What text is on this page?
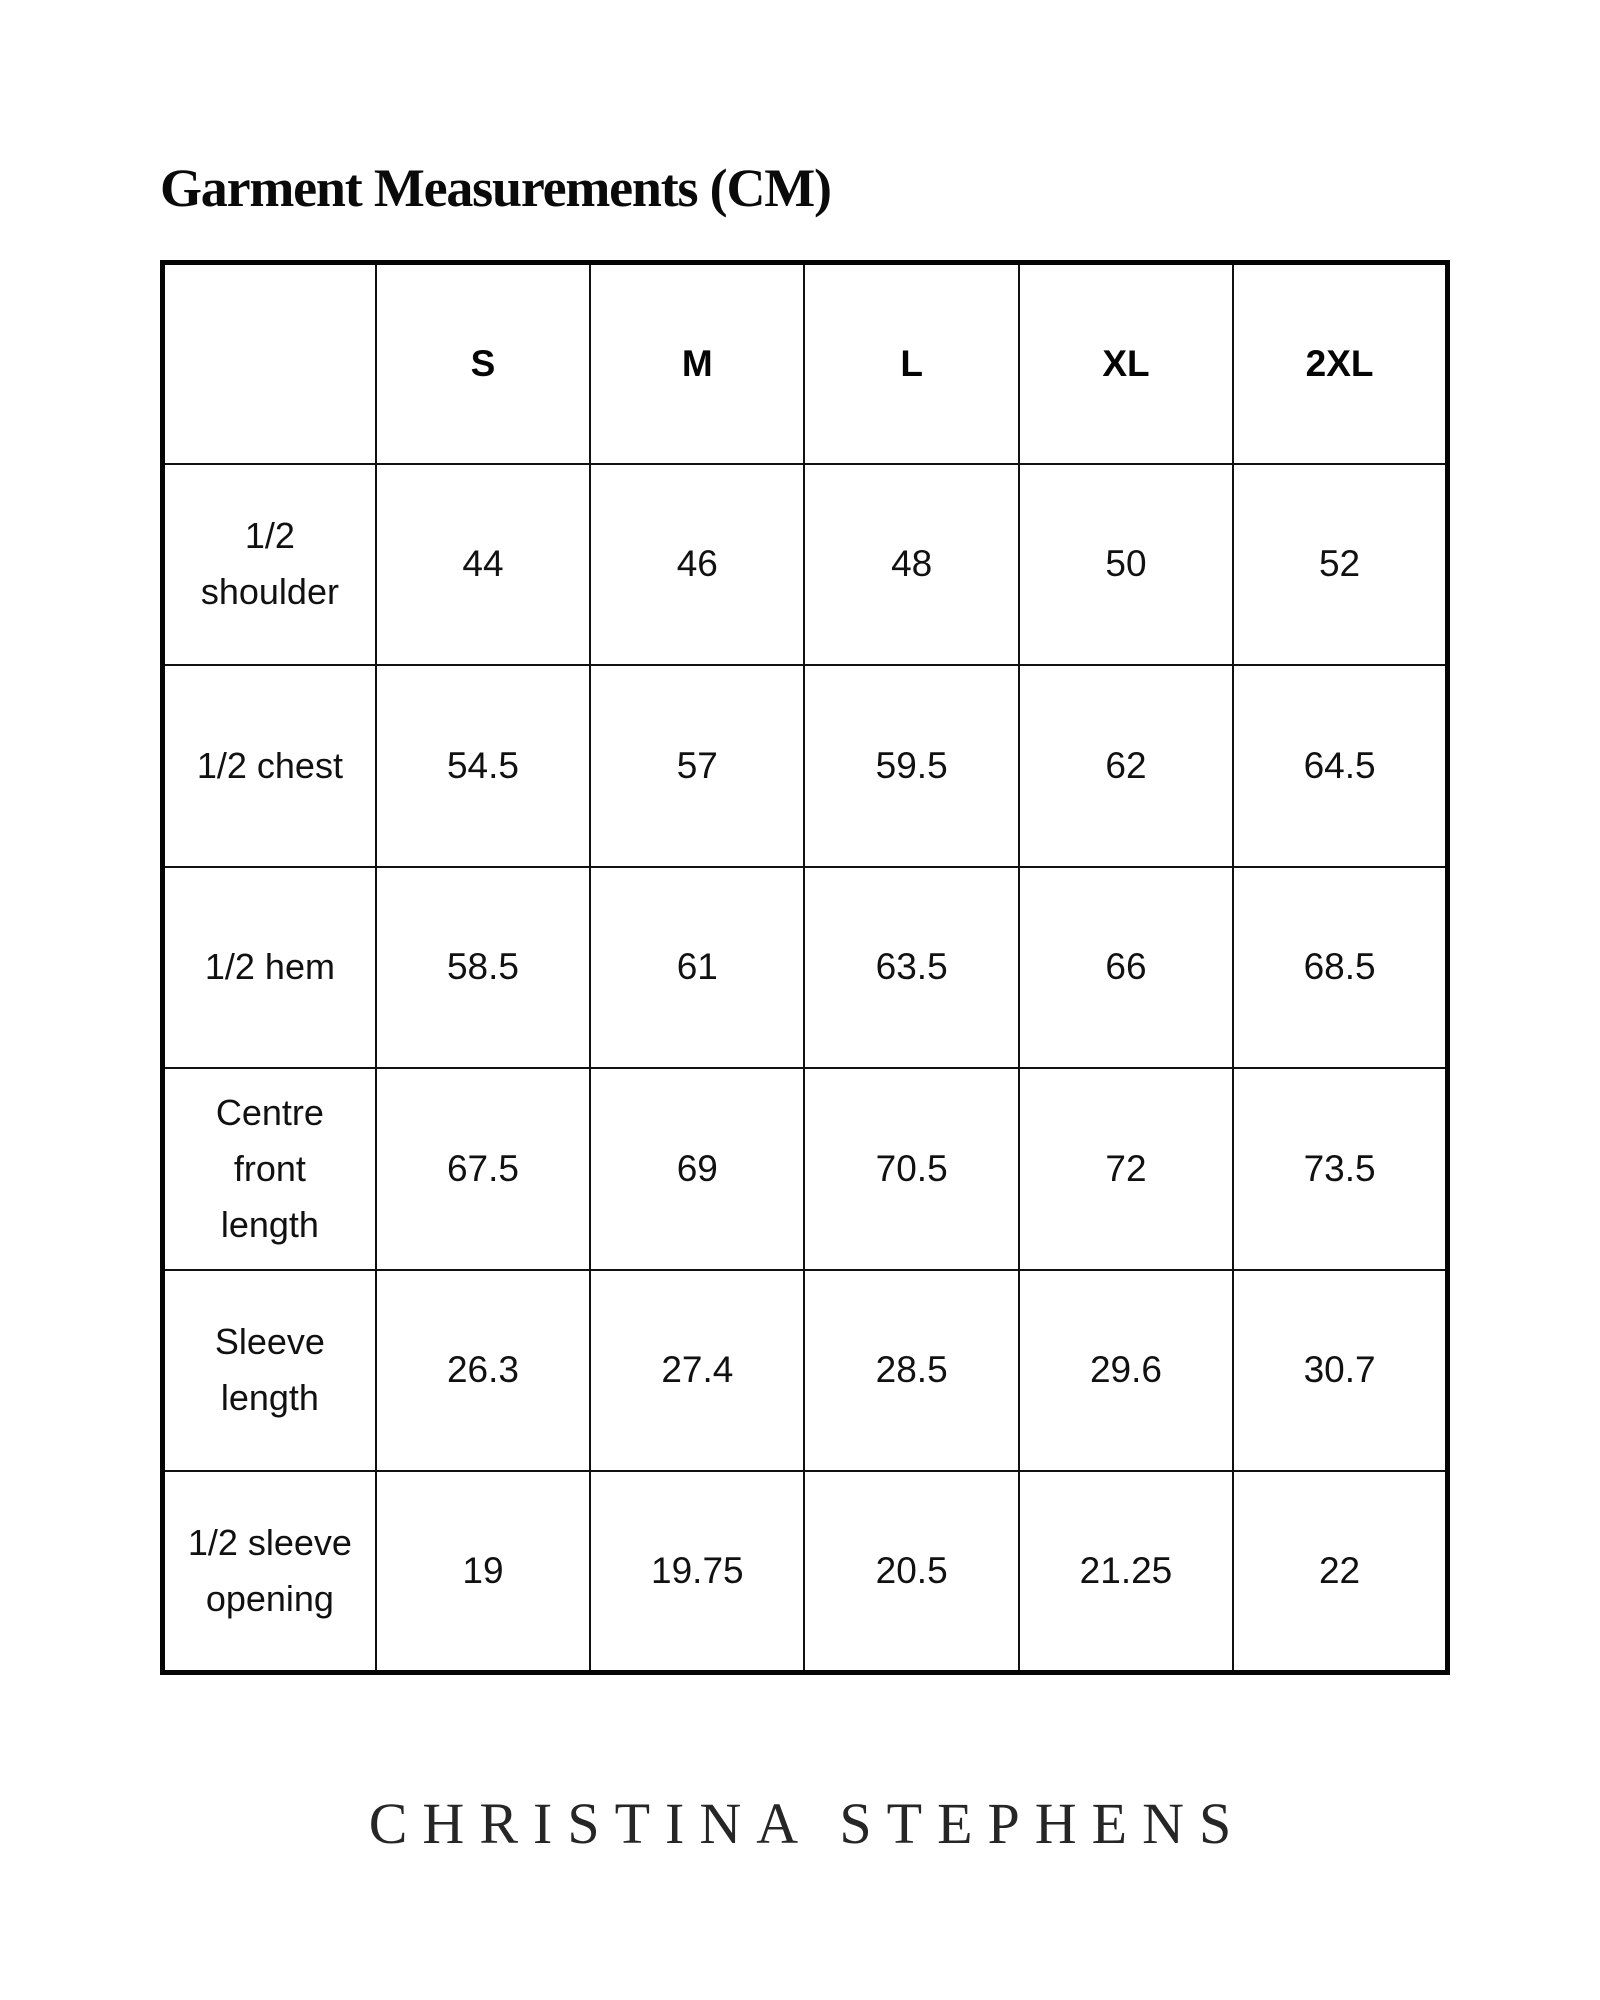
Garment Measurements (CM)
	S	M	L	XL	2XL
1/2 shoulder	44	46	48	50	52
1/2 chest	54.5	57	59.5	62	64.5
1/2 hem	58.5	61	63.5	66	68.5
Centre front length	67.5	69	70.5	72	73.5
Sleeve length	26.3	27.4	28.5	29.6	30.7
1/2 sleeve opening	19	19.75	20.5	21.25	22
CHRISTINA STEPHENS
